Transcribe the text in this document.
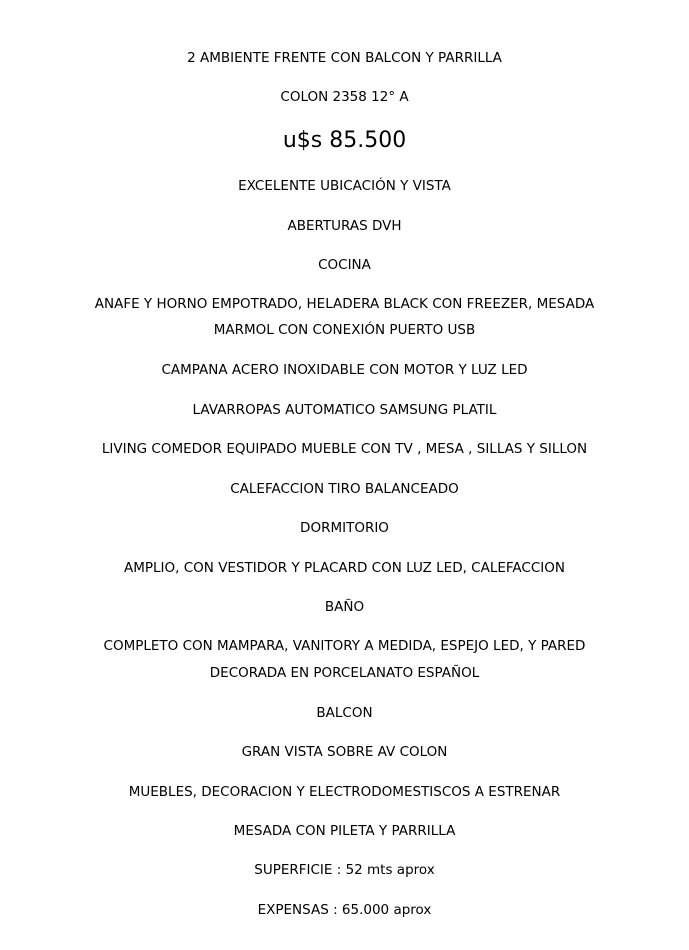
2 AMBIENTE FRENTE CON BALCON Y PARRILLA
COLON 2358 12° A
u$s 85.500
EXCELENTE UBICACIÓN Y VISTA
ABERTURAS DVH
COCINA
ANAFE Y HORNO EMPOTRADO, HELADERA BLACK CON FREEZER, MESADA
MARMOL CON CONEXIÓN PUERTO USB
CAMPANA ACERO INOXIDABLE CON MOTOR Y LUZ LED
LAVARROPAS AUTOMATICO SAMSUNG PLATIL
LIVING COMEDOR EQUIPADO MUEBLE CON TV , MESA , SILLAS Y SILLON
CALEFACCION TIRO BALANCEADO
DORMITORIO
AMPLIO, CON VESTIDOR Y PLACARD CON LUZ LED, CALEFACCION
BAÑO
COMPLETO CON MAMPARA, VANITORY A MEDIDA, ESPEJO LED, Y PARED
DECORADA EN PORCELANATO ESPAÑOL
BALCON
GRAN VISTA SOBRE AV COLON
MUEBLES, DECORACION Y ELECTRODOMESTISCOS A ESTRENAR
MESADA CON PILETA Y PARRILLA
SUPERFICIE : 52 mts aprox
EXPENSAS : 65.000 aprox
